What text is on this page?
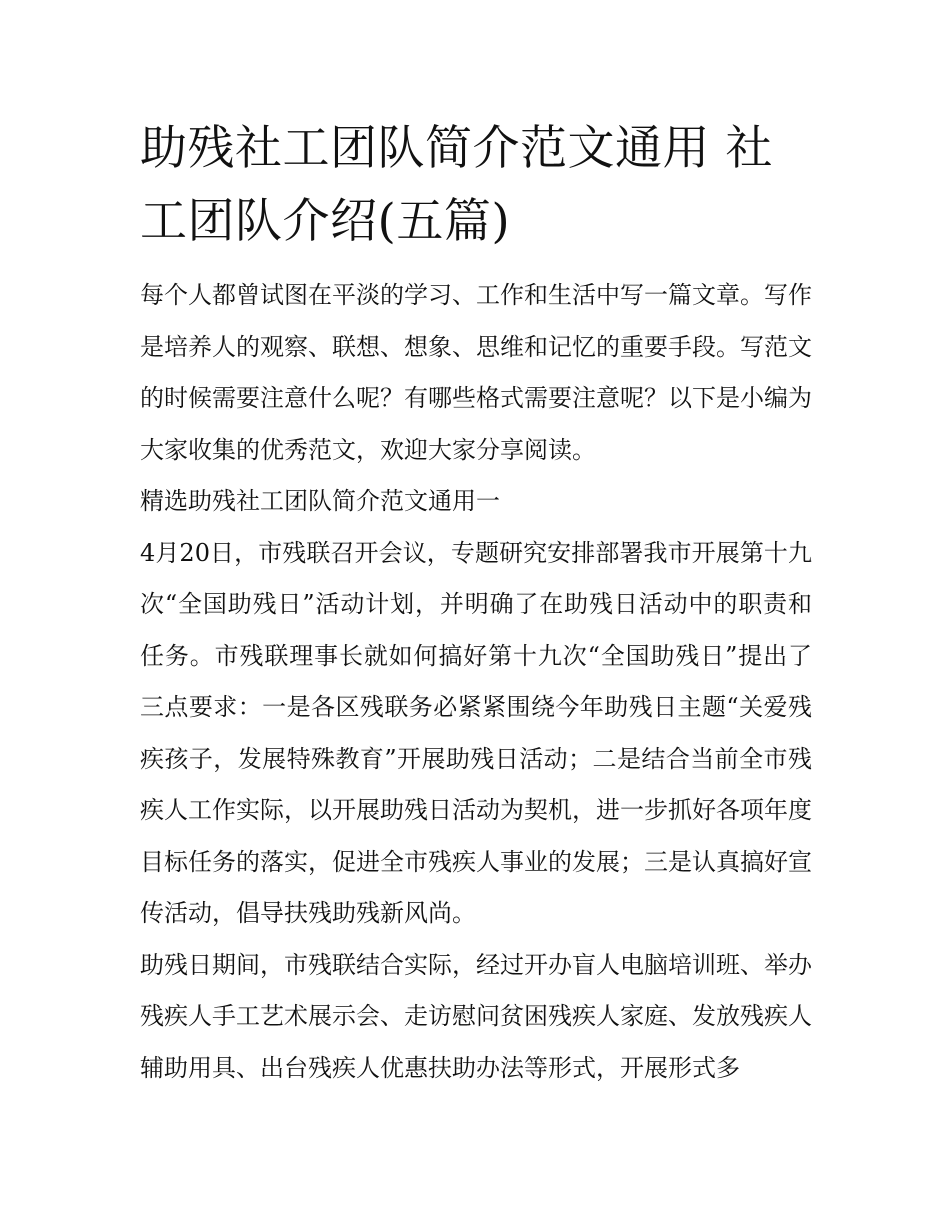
助残社工团队简介范文通用 社工团队介绍(五篇)

每个人都曾试图在平淡的学习、工作和生活中写一篇文章。写作是培养人的观察、联想、想象、思维和记忆的重要手段。写范文的时候需要注意什么呢？有哪些格式需要注意呢？以下是小编为大家收集的优秀范文，欢迎大家分享阅读。

精选助残社工团队简介范文通用一

4月20日，市残联召开会议，专题研究安排部署我市开展第十九次“全国助残日”活动计划，并明确了在助残日活动中的职责和任务。市残联理事长就如何搞好第十九次“全国助残日”提出了三点要求：一是各区残联务必紧紧围绕今年助残日主题“关爱残疾孩子，发展特殊教育”开展助残日活动；二是结合当前全市残疾人工作实际，以开展助残日活动为契机，进一步抓好各项年度目标任务的落实，促进全市残疾人事业的发展；三是认真搞好宣传活动，倡导扶残助残新风尚。

助残日期间，市残联结合实际，经过开办盲人电脑培训班、举办残疾人手工艺术展示会、走访慰问贫困残疾人家庭、发放残疾人辅助用具、出台残疾人优惠扶助办法等形式，开展形式多
